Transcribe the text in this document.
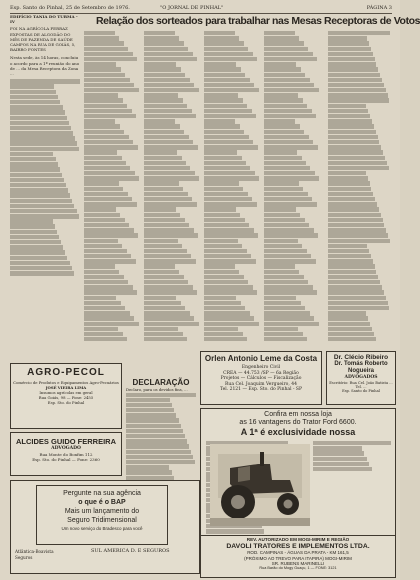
Esp. Santo do Pinhal, 25 de Setembro de 1976.	"O JORNAL DE PINHAL"	PÁGINA 3
EDIFÍCIO TANIA DO TURMA - IV
FOI NA AGRÍCOLA FERRAZ EXPOSTAS DE ALGODÃO DO MÊS DE FAZENDA DE SAÚDE CAMPOS NA RUA DE GOIÁS, 5, BAIRRO FONTES
Nesta sede, às 14 horas, concluiu o acordo para a 1ª reunião do ano de ... da Mesa Receptora da Zona ...
Relação dos sorteados para trabalhar nas Mesas Receptoras de Votos
Orlen Antonio Leme da Costa
Engenheiro Civil
CREA — 44.753 /SP — 6a Região
Projetos — Cálculos — Fiscalização
Rua Cel. Joaquim Vergueiro, 44
Tel. 2121 — Esp. Sto. do Pinhal - SP
Dr. Clécio Ribeiro
Dr. Tomás Roberto Nogueira
ADVOGADOS
Escritório: Rua Cel. João Batista ... Tel. ...
Esp. Santo do Pinhal
AGRO-PECOL
Comércio de Produtos e Equipamentos Agro-Pecuários
JOSÉ VIEIRA LIMA
Insumos agrícolas em geral
Rua Goiás, 98 — Fone: 2455
Esp. Sto. do Pinhal
DECLARAÇÃO
Declaro, para os devidos fins, ...
ALCIDES GUIDO FERREIRA
ADVOGADO
Rua Monte do Bonfim 112
Esp. Sto. do Pinhal — Fone: 2360
Pergunte na sua agência
o que é o BAP
Mais um lançamento do
Seguro Tridimensional
Um novo serviço do Bradesco para você
Atlântica-Boavista Seguros
SUL AMERICA D. E SEGUROS
Confira em nossa loja
as 16 vantagens do Trator Ford 6600.
A 1ª é exclusividade nossa
REV. AUTORIZADO EM MOGI-MIRIM E REGIÃO
DAVOLI TRATORES E IMPLEMENTOS LTDA.
ROD. CAMPINAS - ÁGUAS DA PRATA - KM 161,5
(PRÓXIMO AO TREVO PARA ITAPIRA) MOGI-MIRIM
SR. RUBENS MARINELLI
Rua Barão do Mogy Guaçu, 1 — FONE: 3121
